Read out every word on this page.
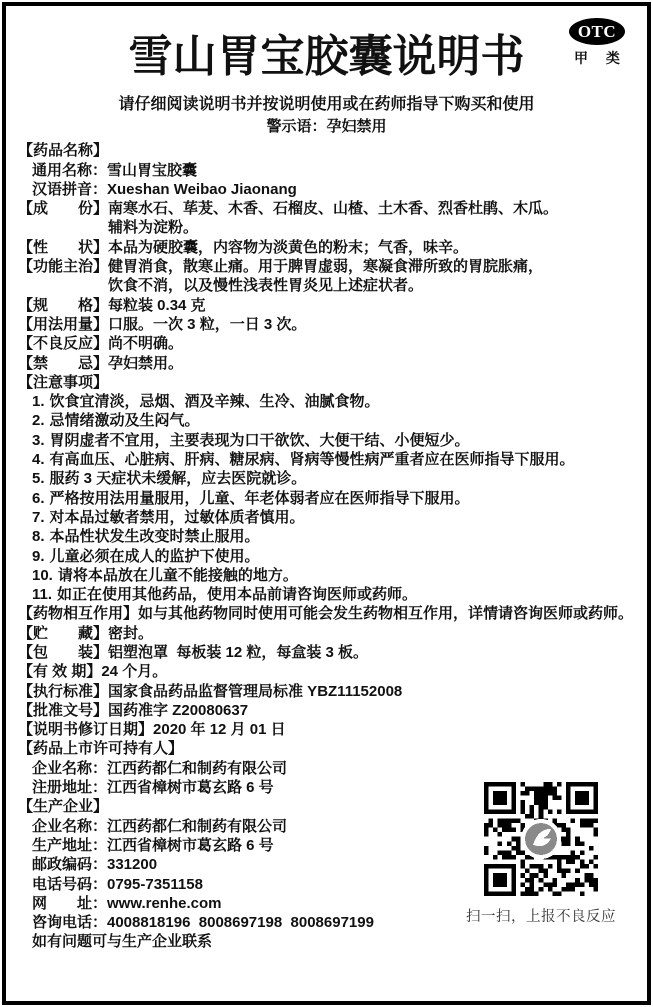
雪山胃宝胶囊说明书
OTC
甲 类
请仔细阅读说明书并按说明使用或在药师指导下购买和使用
警示语：孕妇禁用
【药品名称】
通用名称：雪山胃宝胶囊
汉语拼音：Xueshan Weibao Jiaonang
【成　　份】 南寒水石、荜茇、木香、石榴皮、山楂、土木香、烈香杜鹃、木瓜。
辅料为淀粉。
【性　　状】 本品为硬胶囊，内容物为淡黄色的粉末；气香，味辛。
【功能主治】 健胃消食，散寒止痛。用于脾胃虚弱，寒凝食滞所致的胃脘胀痛，
饮食不消，以及慢性浅表性胃炎见上述症状者。
【规　　格】 每粒装 0.34 克
【用法用量】 口服。一次 3 粒，一日 3 次。
【不良反应】 尚不明确。
【禁　　忌】 孕妇禁用。
【注意事项】
1. 饮食宜清淡，忌烟、酒及辛辣、生冷、油腻食物。
2. 忌情绪激动及生闷气。
3. 胃阴虚者不宜用，主要表现为口干欲饮、大便干结、小便短少。
4. 有高血压、心脏病、肝病、糖尿病、肾病等慢性病严重者应在医师指导下服用。
5. 服药 3 天症状未缓解，应去医院就诊。
6. 严格按用法用量服用，儿童、年老体弱者应在医师指导下服用。
7. 对本品过敏者禁用，过敏体质者慎用。
8. 本品性状发生改变时禁止服用。
9. 儿童必须在成人的监护下使用。
10. 请将本品放在儿童不能接触的地方。
11. 如正在使用其他药品，使用本品前请咨询医师或药师。
【药物相互作用】 如与其他药物同时使用可能会发生药物相互作用，详情请咨询医师或药师。
【贮　　藏】 密封。
【包　　装】 铝塑泡罩  每板装 12 粒，每盒装 3 板。
【有 效 期】 24 个月。
【执行标准】 国家食品药品监督管理局标准 YBZ11152008
【批准文号】 国药准字 Z20080637
【说明书修订日期】 2020 年 12 月 01 日
【药品上市许可持有人】
企业名称：江西药都仁和制药有限公司
注册地址：江西省樟树市葛玄路 6 号
【生产企业】
企业名称：江西药都仁和制药有限公司
生产地址：江西省樟树市葛玄路 6 号
邮政编码：331200
电话号码：0795-7351158
网　　址：www.renhe.com
咨询电话：4008818196  8008697198  8008697199
如有问题可与生产企业联系
扫一扫，上报不良反应
